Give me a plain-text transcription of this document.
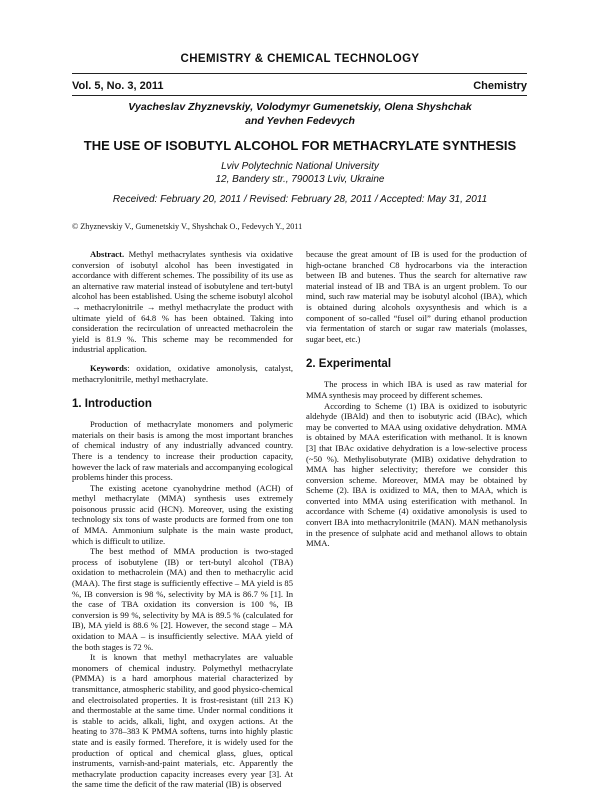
CHEMISTRY & CHEMICAL TECHNOLOGY
Vol. 5, No. 3, 2011	Chemistry
Vyacheslav Zhyznevskiy, Volodymyr Gumenetskiy, Olena Shyshchak
and Yevhen Fedevych
THE USE OF ISOBUTYL ALCOHOL FOR METHACRYLATE SYNTHESIS
Lviv Polytechnic National University
12, Bandery str., 790013 Lviv, Ukraine
Received: February 20, 2011 / Revised: February 28, 2011 / Accepted: May 31, 2011
© Zhyznevskiy V., Gumenetskiy V., Shyshchak O., Fedevych Y., 2011

Abstract. Methyl methacrylates synthesis via oxidative conversion of isobutyl alcohol has been investigated in accordance with different schemes. The possibility of its use as an alternative raw material instead of isobutylene and tert-butyl alcohol has been established. Using the scheme isobutyl alcohol → methacrylonitrile → methyl methacrylate the product with ultimate yield of 64.8 % has been obtained. Taking into consideration the recirculation of unreacted methacrolein the yield is 81.9 %. This scheme may be recommended for industrial application.

Keywords: oxidation, oxidative amonolysis, catalyst, methacrylonitrile, methyl methacrylate.

1. Introduction

Production of methacrylate monomers and polymeric materials on their basis is among the most important branches of chemical industry of any industrially advanced country. There is a tendency to increase their production capacity, however the lack of raw materials and accompanying ecological problems hinder this process.

The existing acetone cyanohydrine method (ACH) of methyl methacrylate (MMA) synthesis uses extremely poisonous prussic acid (HCN). Moreover, using the existing technology six tons of waste products are formed from one ton of MMA. Ammonium sulphate is the main waste product, which is difficult to utilize.

The best method of MMA production is two-staged process of isobutylene (IB) or tert-butyl alcohol (TBA) oxidation to methacrolein (MA) and then to methacrylic acid (MAA). The first stage is sufficiently effective – MA yield is 85 %, IB conversion is 98 %, selectivity by MA is 86.7 % [1]. In the case of TBA oxidation its conversion is 100 %, IB conversion is 99 %, selectivity by MA is 89.5 % (calculated for IB), MA yield is 88.6 % [2]. However, the second stage – MA oxidation to MAA – is insufficiently selective. MAA yield of the both stages is 72 %.

It is known that methyl methacrylates are valuable monomers of chemical industry. Polymethyl methacrylate (PMMA) is a hard amorphous material characterized by transmittance, atmospheric stability, and good physico-chemical and electroisolated properties. It is frost-resistant (till 213 K) and thermostable at the same time. Under normal conditions it is stable to acids, alkali, light, and oxygen actions. At the heating to 378–383 K PMMA softens, turns into highly plastic state and is easily formed. Therefore, it is widely used for the production of optical and chemical glass, glues, optical instruments, varnish-and-paint materials, etc. Apparently the methacrylate production capacity increases every year [3]. At the same time the deficit of the raw material (IB) is observed

because the great amount of IB is used for the production of high-octane branched C8 hydrocarbons via the interaction between IB and butenes. Thus the search for alternative raw material instead of IB and TBA is an urgent problem. To our mind, such raw material may be isobutyl alcohol (IBA), which is obtained during alcohols oxysynthesis and which is a component of so-called “fusel oil” during ethanol production via fermentation of starch or sugar raw materials (molasses, sugar beet, etc.)

2. Experimental

The process in which IBA is used as raw material for MMA synthesis may proceed by different schemes.

According to Scheme (1) IBA is oxidized to isobutyric aldehyde (IBAld) and then to isobutyric acid (IBAc), which may be converted to MAA using oxidative dehydration. MMA is obtained by MAA esterification with methanol. It is known [3] that IBAc oxidative dehydration is a low-selective process (~50 %). Methylisobutyrate (MIB) oxidative dehydration to MMA has higher selectivity; therefore we consider this conversion scheme. Moreover, MMA may be obtained by Scheme (2). IBA is oxidized to MA, then to MAA, which is converted into MMA using esterification with methanol. In accordance with Scheme (4) oxidative amonolysis is used to convert IBA into methacrylonitrile (MAN). MAN methanolysis in the presence of sulphate acid and methanol allows to obtain MMA.
